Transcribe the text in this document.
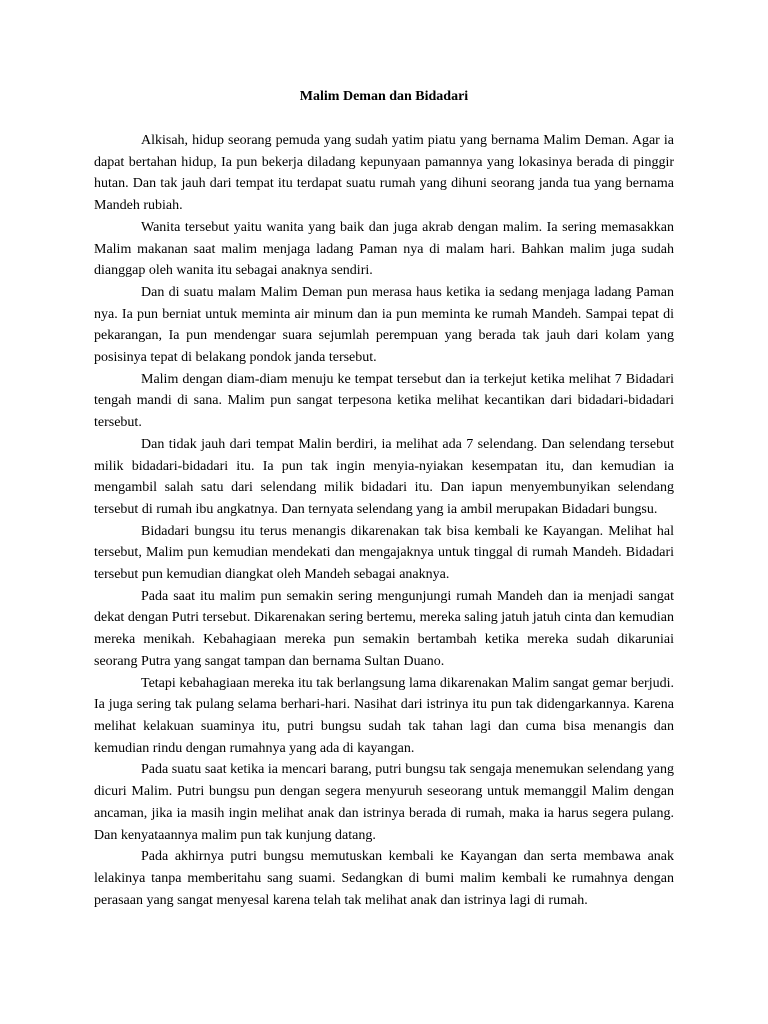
Malim Deman dan Bidadari

Alkisah, hidup seorang pemuda yang sudah yatim piatu yang bernama Malim Deman. Agar ia dapat bertahan hidup, Ia pun bekerja diladang kepunyaan pamannya yang lokasinya berada di pinggir hutan. Dan tak jauh dari tempat itu terdapat suatu rumah yang dihuni seorang janda tua yang bernama Mandeh rubiah.

Wanita tersebut yaitu wanita yang baik dan juga akrab dengan malim. Ia sering memasakkan Malim makanan saat malim menjaga ladang Paman nya di malam hari. Bahkan malim juga sudah dianggap oleh wanita itu sebagai anaknya sendiri.

Dan di suatu malam Malim Deman pun merasa haus ketika ia sedang menjaga ladang Paman nya. Ia pun berniat untuk meminta air minum dan ia pun meminta ke rumah Mandeh. Sampai tepat di pekarangan, Ia pun mendengar suara sejumlah perempuan yang berada tak jauh dari kolam yang posisinya tepat di belakang pondok janda tersebut.

Malim dengan diam-diam menuju ke tempat tersebut dan ia terkejut ketika melihat 7 Bidadari tengah mandi di sana. Malim pun sangat terpesona ketika melihat kecantikan dari bidadari-bidadari tersebut.

Dan tidak jauh dari tempat Malin berdiri, ia melihat ada 7 selendang. Dan selendang tersebut milik bidadari-bidadari itu. Ia pun tak ingin menyia-nyiakan kesempatan itu, dan kemudian ia mengambil salah satu dari selendang milik bidadari itu. Dan iapun menyembunyikan selendang tersebut di rumah ibu angkatnya. Dan ternyata selendang yang ia ambil merupakan Bidadari bungsu.

Bidadari bungsu itu terus menangis dikarenakan tak bisa kembali ke Kayangan. Melihat hal tersebut, Malim pun kemudian mendekati dan mengajaknya untuk tinggal di rumah Mandeh. Bidadari tersebut pun kemudian diangkat oleh Mandeh sebagai anaknya.

Pada saat itu malim pun semakin sering mengunjungi rumah Mandeh dan ia menjadi sangat dekat dengan Putri tersebut. Dikarenakan sering bertemu, mereka saling jatuh jatuh cinta dan kemudian mereka menikah. Kebahagiaan mereka pun semakin bertambah ketika mereka sudah dikaruniai seorang Putra yang sangat tampan dan bernama Sultan Duano.

Tetapi kebahagiaan mereka itu tak berlangsung lama dikarenakan Malim sangat gemar berjudi. Ia juga sering tak pulang selama berhari-hari. Nasihat dari istrinya itu pun tak didengarkannya. Karena melihat kelakuan suaminya itu, putri bungsu sudah tak tahan lagi dan cuma bisa menangis dan kemudian rindu dengan rumahnya yang ada di kayangan.

Pada suatu saat ketika ia mencari barang, putri bungsu tak sengaja menemukan selendang yang dicuri Malim. Putri bungsu pun dengan segera menyuruh seseorang untuk memanggil Malim dengan ancaman, jika ia masih ingin melihat anak dan istrinya berada di rumah, maka ia harus segera pulang. Dan kenyataannya malim pun tak kunjung datang.

Pada akhirnya putri bungsu memutuskan kembali ke Kayangan dan serta membawa anak lelakinya tanpa memberitahu sang suami. Sedangkan di bumi malim kembali ke rumahnya dengan perasaan yang sangat menyesal karena telah tak melihat anak dan istrinya lagi di rumah.
